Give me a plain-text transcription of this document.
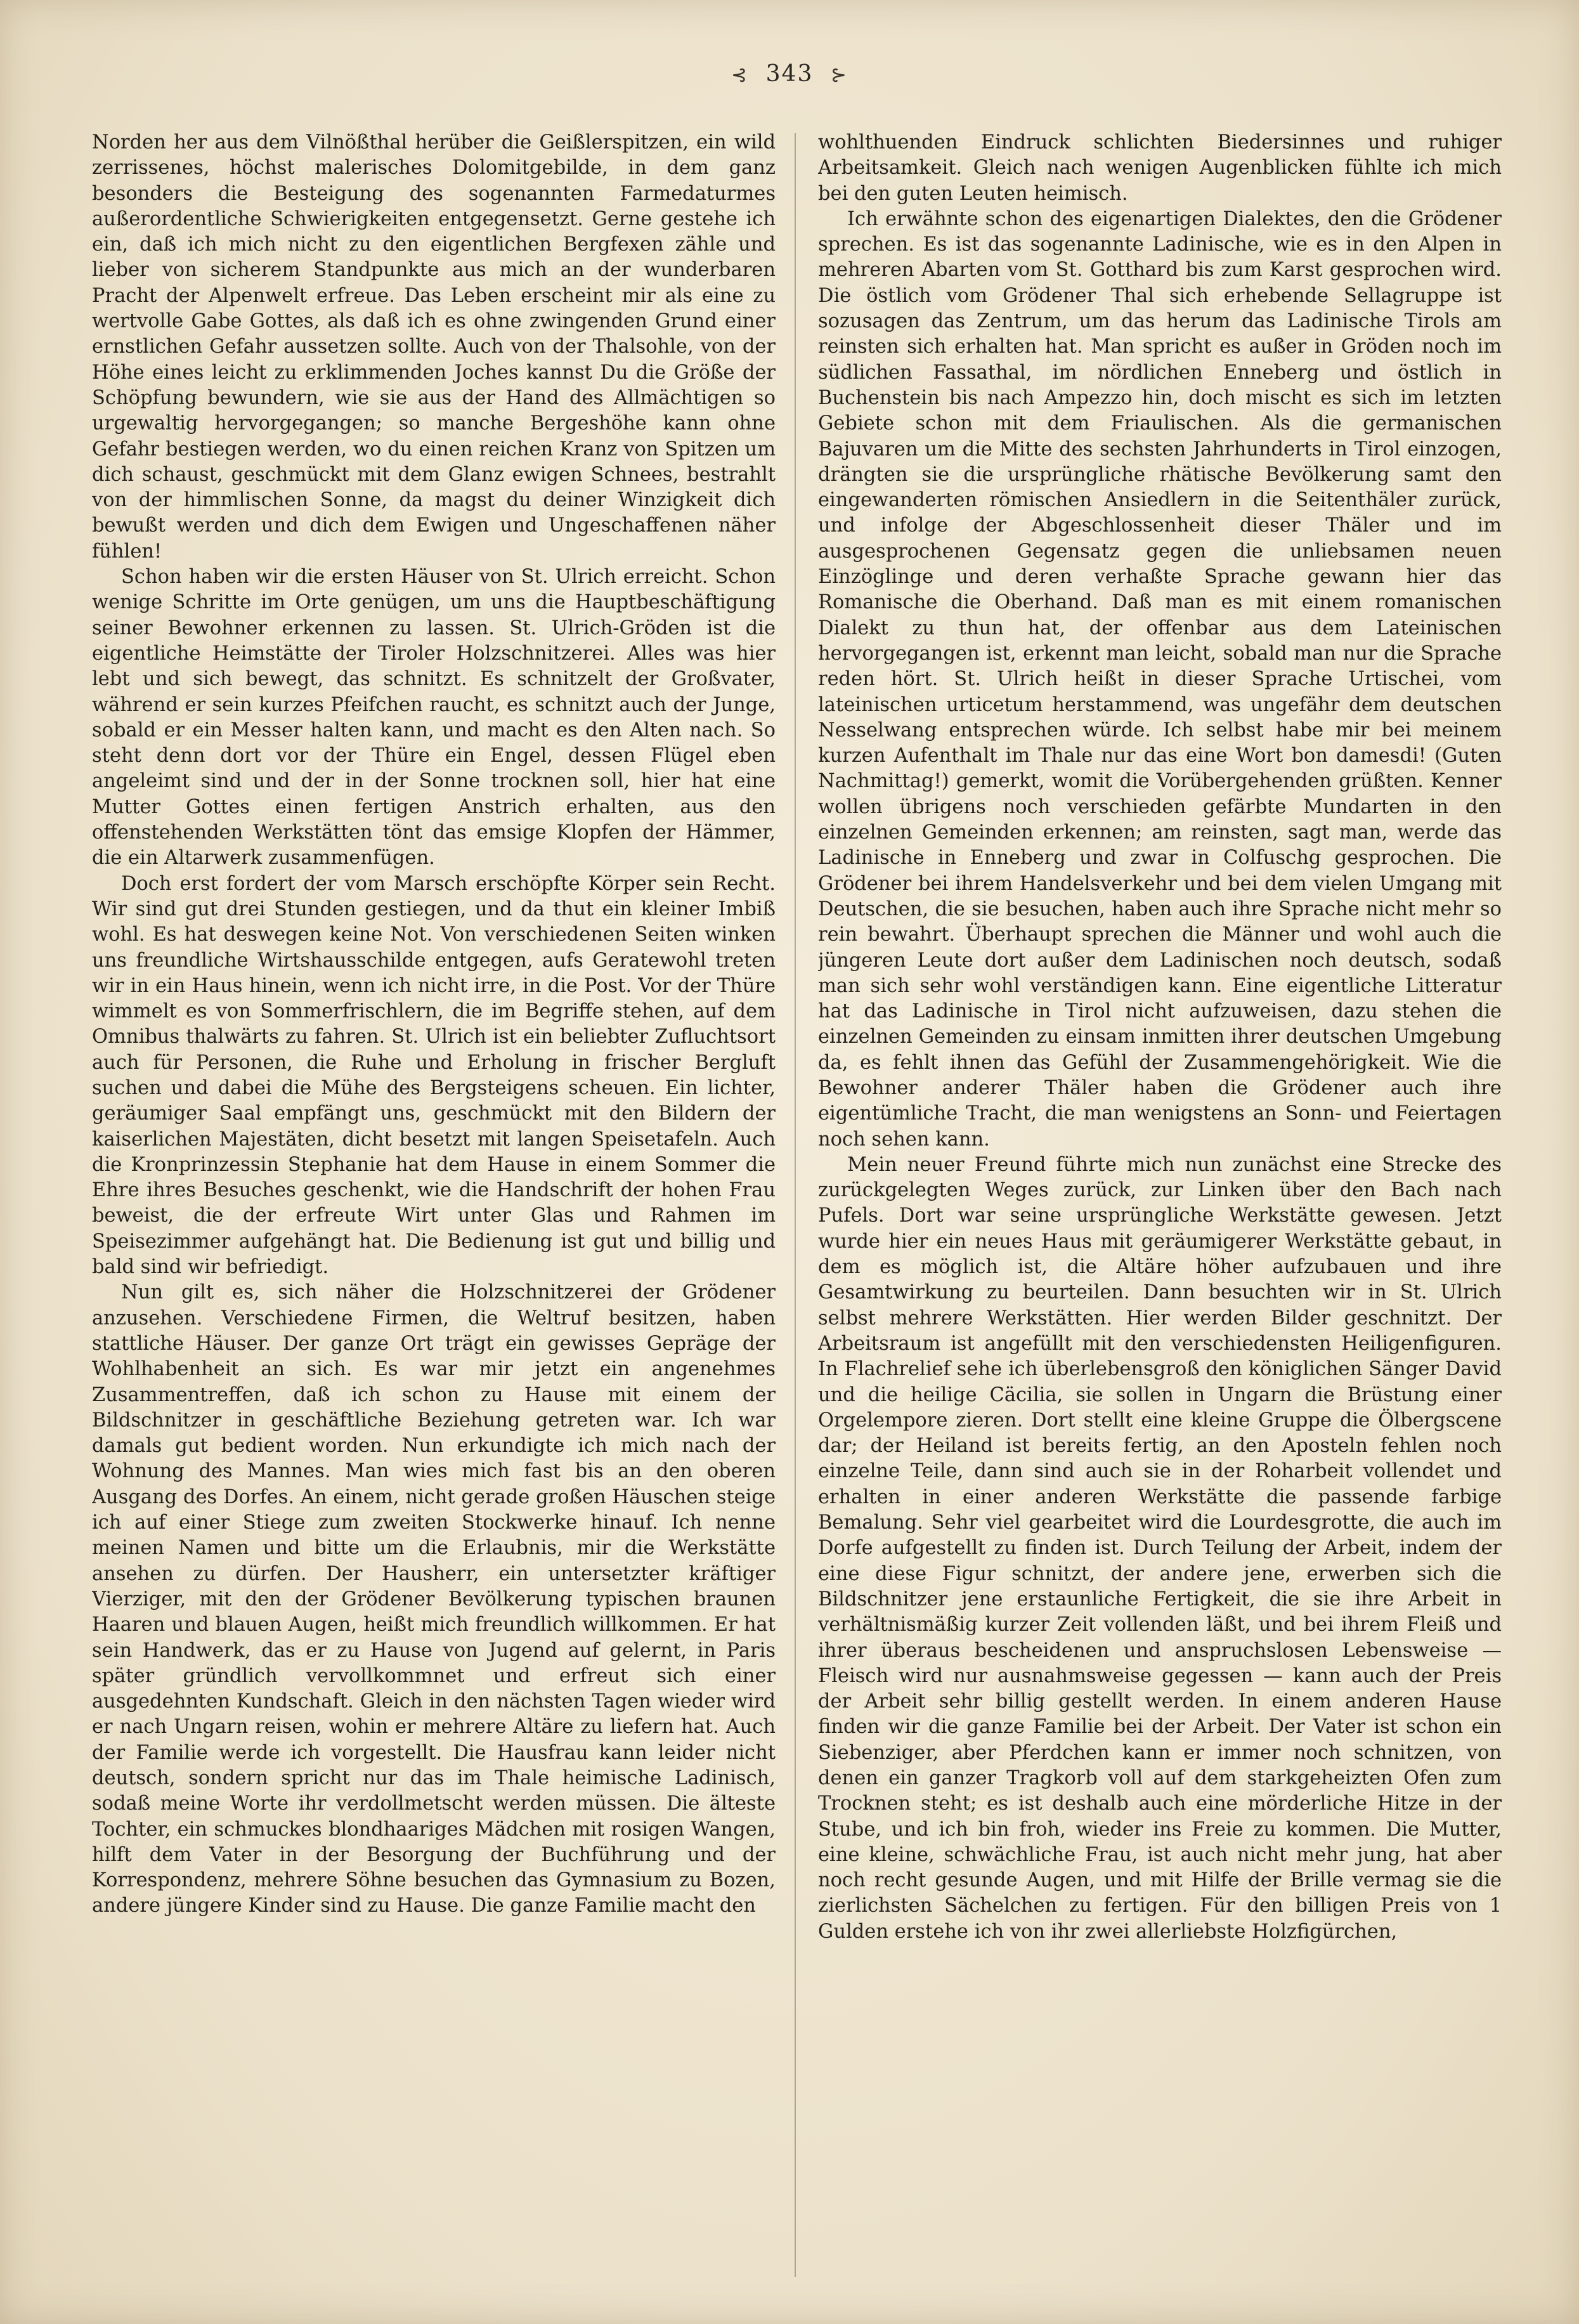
⊰ 343 ⊱

Norden her aus dem Vilnößthal herüber die Geißlerspitzen, ein wild zerrissenes, höchst malerisches Dolomitgebilde, in dem ganz besonders die Besteigung des sogenannten Farmedaturmes außerordentliche Schwierigkeiten entgegensetzt. Gerne gestehe ich ein, daß ich mich nicht zu den eigentlichen Bergfexen zähle und lieber von sicherem Standpunkte aus mich an der wunderbaren Pracht der Alpenwelt erfreue. Das Leben erscheint mir als eine zu wertvolle Gabe Gottes, als daß ich es ohne zwingenden Grund einer ernstlichen Gefahr aussetzen sollte. Auch von der Thalsohle, von der Höhe eines leicht zu erklimmenden Joches kannst Du die Größe der Schöpfung bewundern, wie sie aus der Hand des Allmächtigen so urgewaltig hervorgegangen; so manche Bergeshöhe kann ohne Gefahr bestiegen werden, wo du einen reichen Kranz von Spitzen um dich schaust, geschmückt mit dem Glanz ewigen Schnees, bestrahlt von der himmlischen Sonne, da magst du deiner Winzigkeit dich bewußt werden und dich dem Ewigen und Ungeschaffenen näher fühlen!

Schon haben wir die ersten Häuser von St. Ulrich erreicht. Schon wenige Schritte im Orte genügen, um uns die Hauptbeschäftigung seiner Bewohner erkennen zu lassen. St. Ulrich-Gröden ist die eigentliche Heimstätte der Tiroler Holzschnitzerei. Alles was hier lebt und sich bewegt, das schnitzt. Es schnitzelt der Großvater, während er sein kurzes Pfeifchen raucht, es schnitzt auch der Junge, sobald er ein Messer halten kann, und macht es den Alten nach. So steht denn dort vor der Thüre ein Engel, dessen Flügel eben angeleimt sind und der in der Sonne trocknen soll, hier hat eine Mutter Gottes einen fertigen Anstrich erhalten, aus den offenstehenden Werkstätten tönt das emsige Klopfen der Hämmer, die ein Altarwerk zusammenfügen.

Doch erst fordert der vom Marsch erschöpfte Körper sein Recht. Wir sind gut drei Stunden gestiegen, und da thut ein kleiner Imbiß wohl. Es hat deswegen keine Not. Von verschiedenen Seiten winken uns freundliche Wirtshausschilde entgegen, aufs Geratewohl treten wir in ein Haus hinein, wenn ich nicht irre, in die Post. Vor der Thüre wimmelt es von Sommerfrischlern, die im Begriffe stehen, auf dem Omnibus thalwärts zu fahren. St. Ulrich ist ein beliebter Zufluchtsort auch für Personen, die Ruhe und Erholung in frischer Bergluft suchen und dabei die Mühe des Bergsteigens scheuen. Ein lichter, geräumiger Saal empfängt uns, geschmückt mit den Bildern der kaiserlichen Majestäten, dicht besetzt mit langen Speisetafeln. Auch die Kronprinzessin Stephanie hat dem Hause in einem Sommer die Ehre ihres Besuches geschenkt, wie die Handschrift der hohen Frau beweist, die der erfreute Wirt unter Glas und Rahmen im Speisezimmer aufgehängt hat. Die Bedienung ist gut und billig und bald sind wir befriedigt.

Nun gilt es, sich näher die Holzschnitzerei der Grödener anzusehen. Verschiedene Firmen, die Weltruf besitzen, haben stattliche Häuser. Der ganze Ort trägt ein gewisses Gepräge der Wohlhabenheit an sich. Es war mir jetzt ein angenehmes Zusammentreffen, daß ich schon zu Hause mit einem der Bildschnitzer in geschäftliche Beziehung getreten war. Ich war damals gut bedient worden. Nun erkundigte ich mich nach der Wohnung des Mannes. Man wies mich fast bis an den oberen Ausgang des Dorfes. An einem, nicht gerade großen Häuschen steige ich auf einer Stiege zum zweiten Stockwerke hinauf. Ich nenne meinen Namen und bitte um die Erlaubnis, mir die Werkstätte ansehen zu dürfen. Der Hausherr, ein untersetzter kräftiger Vierziger, mit den der Grödener Bevölkerung typischen braunen Haaren und blauen Augen, heißt mich freundlich willkommen. Er hat sein Handwerk, das er zu Hause von Jugend auf gelernt, in Paris später gründlich vervollkommnet und erfreut sich einer ausgedehnten Kundschaft. Gleich in den nächsten Tagen wieder wird er nach Ungarn reisen, wohin er mehrere Altäre zu liefern hat. Auch der Familie werde ich vorgestellt. Die Hausfrau kann leider nicht deutsch, sondern spricht nur das im Thale heimische Ladinisch, sodaß meine Worte ihr verdollmetscht werden müssen. Die älteste Tochter, ein schmuckes blondhaariges Mädchen mit rosigen Wangen, hilft dem Vater in der Besorgung der Buchführung und der Korrespondenz, mehrere Söhne besuchen das Gymnasium zu Bozen, andere jüngere Kinder sind zu Hause. Die ganze Familie macht den

wohlthuenden Eindruck schlichten Biedersinnes und ruhiger Arbeitsamkeit. Gleich nach wenigen Augenblicken fühlte ich mich bei den guten Leuten heimisch.

Ich erwähnte schon des eigenartigen Dialektes, den die Grödener sprechen. Es ist das sogenannte Ladinische, wie es in den Alpen in mehreren Abarten vom St. Gotthard bis zum Karst gesprochen wird. Die östlich vom Grödener Thal sich erhebende Sellagruppe ist sozusagen das Zentrum, um das herum das Ladinische Tirols am reinsten sich erhalten hat. Man spricht es außer in Gröden noch im südlichen Fassathal, im nördlichen Enneberg und östlich in Buchenstein bis nach Ampezzo hin, doch mischt es sich im letzten Gebiete schon mit dem Friaulischen. Als die germanischen Bajuvaren um die Mitte des sechsten Jahrhunderts in Tirol einzogen, drängten sie die ursprüngliche rhätische Bevölkerung samt den eingewanderten römischen Ansiedlern in die Seitenthäler zurück, und infolge der Abgeschlossenheit dieser Thäler und im ausgesprochenen Gegensatz gegen die unliebsamen neuen Einzöglinge und deren verhaßte Sprache gewann hier das Romanische die Oberhand. Daß man es mit einem romanischen Dialekt zu thun hat, der offenbar aus dem Lateinischen hervorgegangen ist, erkennt man leicht, sobald man nur die Sprache reden hört. St. Ulrich heißt in dieser Sprache Urtischei, vom lateinischen urticetum herstammend, was ungefähr dem deutschen Nesselwang entsprechen würde. Ich selbst habe mir bei meinem kurzen Aufenthalt im Thale nur das eine Wort bon damesdi! (Guten Nachmittag!) gemerkt, womit die Vorübergehenden grüßten. Kenner wollen übrigens noch verschieden gefärbte Mundarten in den einzelnen Gemeinden erkennen; am reinsten, sagt man, werde das Ladinische in Enneberg und zwar in Colfuschg gesprochen. Die Grödener bei ihrem Handelsverkehr und bei dem vielen Umgang mit Deutschen, die sie besuchen, haben auch ihre Sprache nicht mehr so rein bewahrt. Überhaupt sprechen die Männer und wohl auch die jüngeren Leute dort außer dem Ladinischen noch deutsch, sodaß man sich sehr wohl verständigen kann. Eine eigentliche Litteratur hat das Ladinische in Tirol nicht aufzuweisen, dazu stehen die einzelnen Gemeinden zu einsam inmitten ihrer deutschen Umgebung da, es fehlt ihnen das Gefühl der Zusammengehörigkeit. Wie die Bewohner anderer Thäler haben die Grödener auch ihre eigentümliche Tracht, die man wenigstens an Sonn- und Feiertagen noch sehen kann.

Mein neuer Freund führte mich nun zunächst eine Strecke des zurückgelegten Weges zurück, zur Linken über den Bach nach Pufels. Dort war seine ursprüngliche Werkstätte gewesen. Jetzt wurde hier ein neues Haus mit geräumigerer Werkstätte gebaut, in dem es möglich ist, die Altäre höher aufzubauen und ihre Gesamtwirkung zu beurteilen. Dann besuchten wir in St. Ulrich selbst mehrere Werkstätten. Hier werden Bilder geschnitzt. Der Arbeitsraum ist angefüllt mit den verschiedensten Heiligenfiguren. In Flachrelief sehe ich überlebensgroß den königlichen Sänger David und die heilige Cäcilia, sie sollen in Ungarn die Brüstung einer Orgelempore zieren. Dort stellt eine kleine Gruppe die Ölbergscene dar; der Heiland ist bereits fertig, an den Aposteln fehlen noch einzelne Teile, dann sind auch sie in der Roharbeit vollendet und erhalten in einer anderen Werkstätte die passende farbige Bemalung. Sehr viel gearbeitet wird die Lourdesgrotte, die auch im Dorfe aufgestellt zu finden ist. Durch Teilung der Arbeit, indem der eine diese Figur schnitzt, der andere jene, erwerben sich die Bildschnitzer jene erstaunliche Fertigkeit, die sie ihre Arbeit in verhältnismäßig kurzer Zeit vollenden läßt, und bei ihrem Fleiß und ihrer überaus bescheidenen und anspruchslosen Lebensweise — Fleisch wird nur ausnahmsweise gegessen — kann auch der Preis der Arbeit sehr billig gestellt werden. In einem anderen Hause finden wir die ganze Familie bei der Arbeit. Der Vater ist schon ein Siebenziger, aber Pferdchen kann er immer noch schnitzen, von denen ein ganzer Tragkorb voll auf dem starkgeheizten Ofen zum Trocknen steht; es ist deshalb auch eine mörderliche Hitze in der Stube, und ich bin froh, wieder ins Freie zu kommen. Die Mutter, eine kleine, schwächliche Frau, ist auch nicht mehr jung, hat aber noch recht gesunde Augen, und mit Hilfe der Brille vermag sie die zierlichsten Sächelchen zu fertigen. Für den billigen Preis von 1 Gulden erstehe ich von ihr zwei allerliebste Holzfigürchen,
